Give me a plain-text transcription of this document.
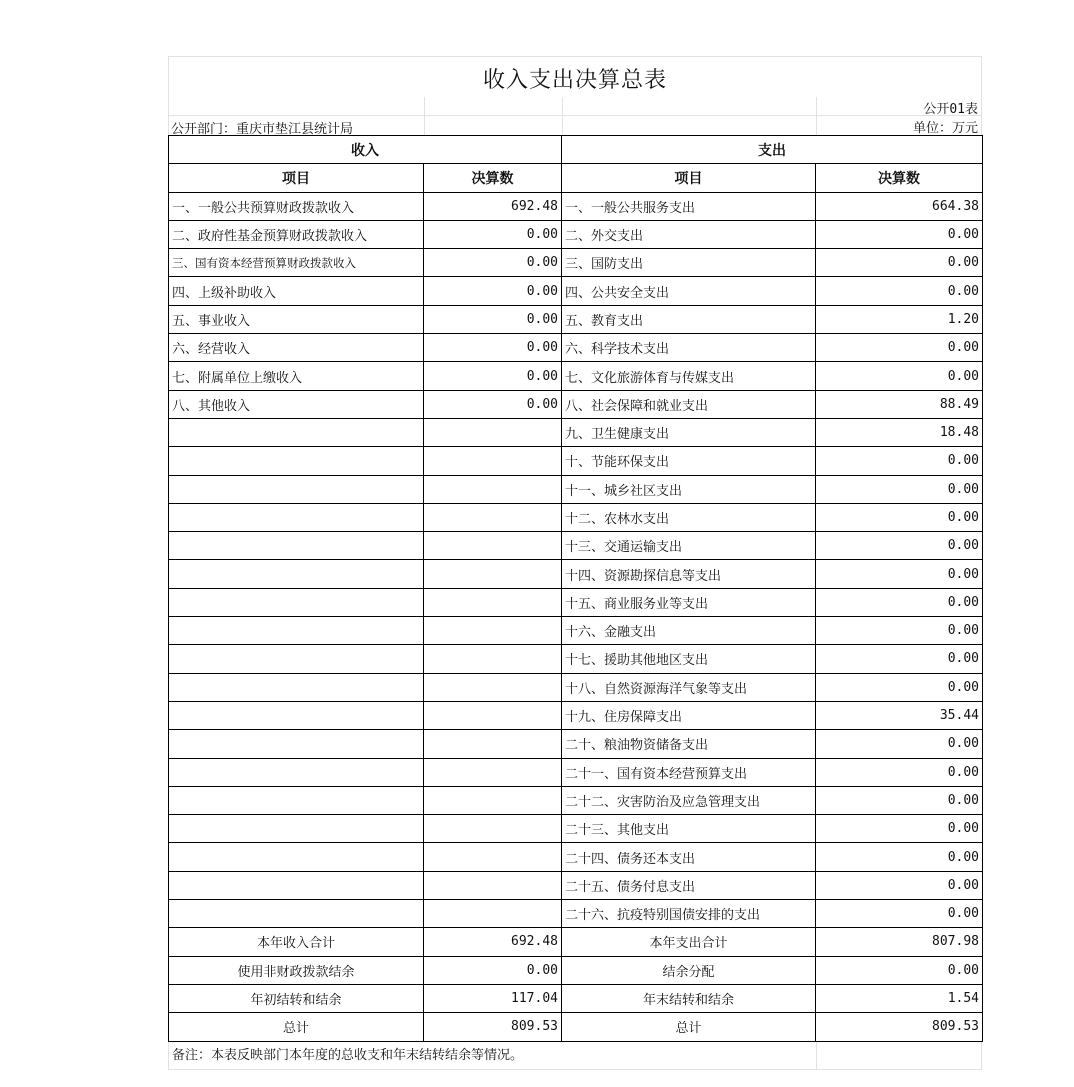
收入支出决算总表
公开01表
公开部门：重庆市垫江县统计局	单位：万元
收入		支出	
项目	决算数	项目	决算数
一、一般公共预算财政拨款收入	692.48	一、一般公共服务支出	664.38
二、政府性基金预算财政拨款收入	0.00	二、外交支出	0.00
三、国有资本经营预算财政拨款收入	0.00	三、国防支出	0.00
四、上级补助收入	0.00	四、公共安全支出	0.00
五、事业收入	0.00	五、教育支出	1.20
六、经营收入	0.00	六、科学技术支出	0.00
七、附属单位上缴收入	0.00	七、文化旅游体育与传媒支出	0.00
八、其他收入	0.00	八、社会保障和就业支出	88.49
		九、卫生健康支出	18.48
		十、节能环保支出	0.00
		十一、城乡社区支出	0.00
		十二、农林水支出	0.00
		十三、交通运输支出	0.00
		十四、资源勘探信息等支出	0.00
		十五、商业服务业等支出	0.00
		十六、金融支出	0.00
		十七、援助其他地区支出	0.00
		十八、自然资源海洋气象等支出	0.00
		十九、住房保障支出	35.44
		二十、粮油物资储备支出	0.00
		二十一、国有资本经营预算支出	0.00
		二十二、灾害防治及应急管理支出	0.00
		二十三、其他支出	0.00
		二十四、债务还本支出	0.00
		二十五、债务付息支出	0.00
		二十六、抗疫特别国债安排的支出	0.00
本年收入合计	692.48	本年支出合计	807.98
使用非财政拨款结余	0.00	结余分配	0.00
年初结转和结余	117.04	年末结转和结余	1.54
总计	809.53	总计	809.53
备注：本表反映部门本年度的总收支和年末结转结余等情况。
